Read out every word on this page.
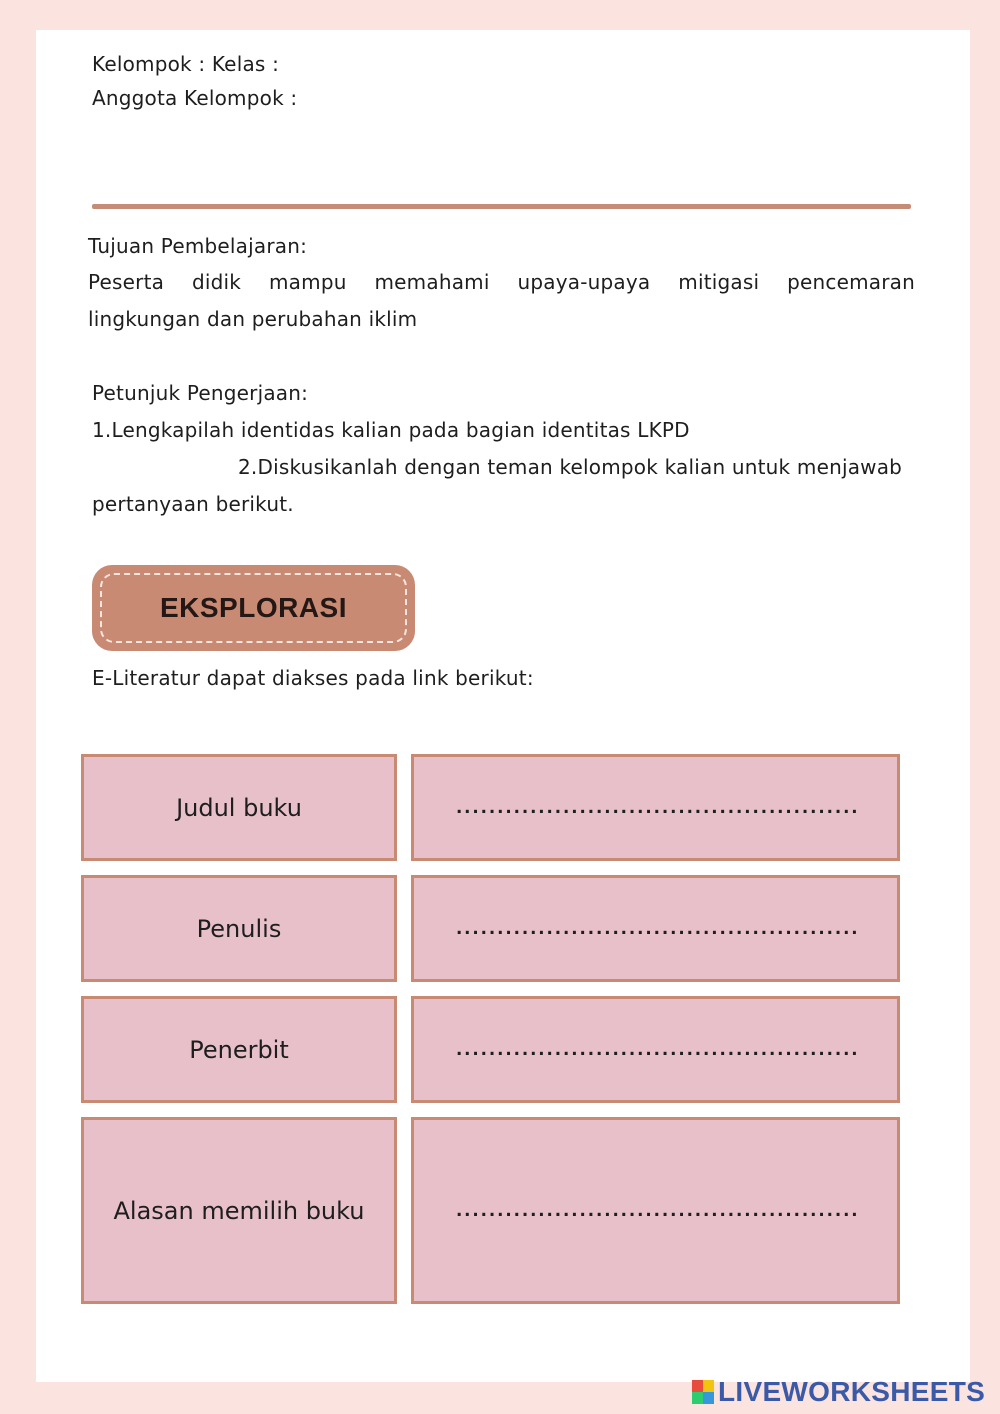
Kelompok : Kelas :
Anggota Kelompok :
Tujuan Pembelajaran:
Peserta didik mampu memahami upaya-upaya mitigasi pencemaran
lingkungan dan perubahan iklim
Petunjuk Pengerjaan:
1.Lengkapilah identidas kalian pada bagian identitas LKPD
2.Diskusikanlah dengan teman kelompok kalian untuk menjawab
pertanyaan berikut.
EKSPLORASI
E-Literatur dapat diakses pada link berikut:
Judul buku	.................................................
Penulis	.................................................
Penerbit	.................................................
Alasan memilih buku	.................................................
LIVEWORKSHEETS
